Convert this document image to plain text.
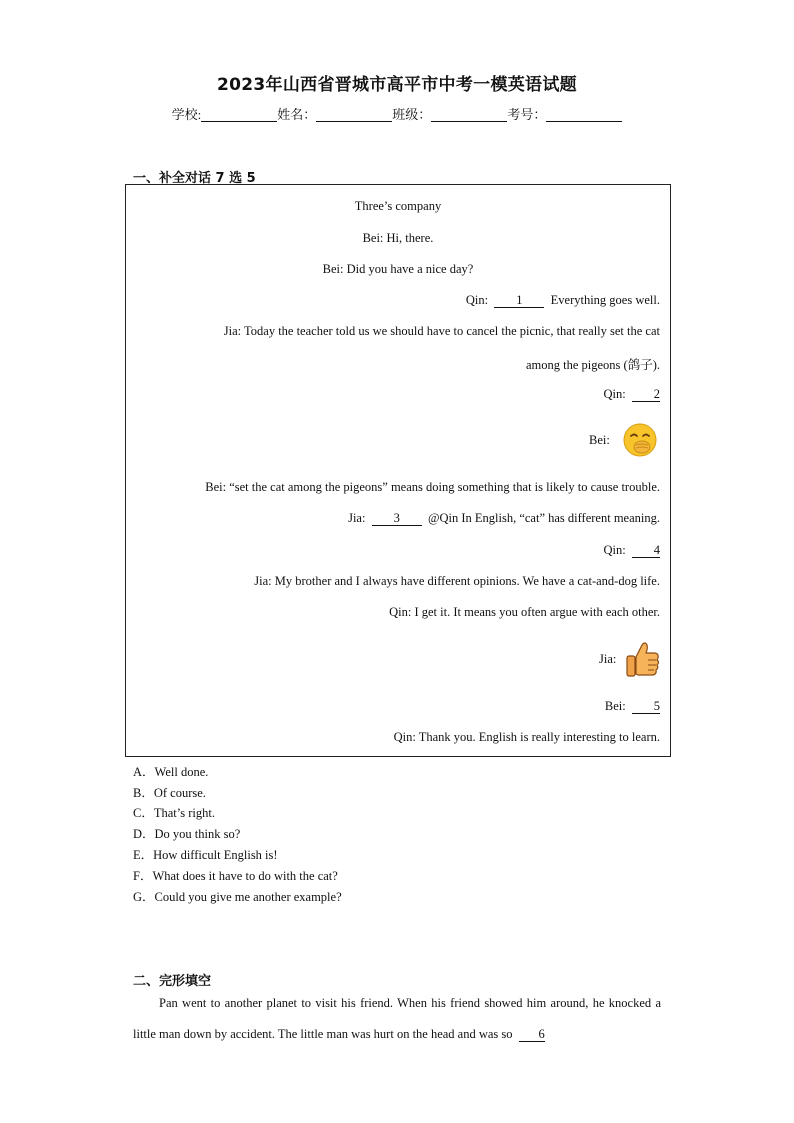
2023年山西省晋城市高平市中考一模英语试题
学校:	姓名：	班级：	考号：
一、补全对话 7 选 5
Three’s company
Bei: Hi, there.
Bei: Did you have a nice day?
Qin: 1 Everything goes well.
Jia: Today the teacher told us we should have to cancel the picnic, that really set the cat
among the pigeons (鸽子).
Qin: 2
Bei:
Bei: “set the cat among the pigeons” means doing something that is likely to cause trouble.
Jia: 3 @Qin In English, “cat” has different meaning.
Qin: 4
Jia: My brother and I always have different opinions. We have a cat-and-dog life.
Qin: I get it. It means you often argue with each other.
Jia:
Bei: 5
Qin: Thank you. English is really interesting to learn.
A．Well done.
B．Of course.
C．That’s right.
D．Do you think so?
E．How difficult English is!
F．What does it have to do with the cat?
G．Could you give me another example?
二、完形填空
Pan went to another planet to visit his friend. When his friend showed him around, he knocked a little man down by accident. The little man was hurt on the head and was so 6
